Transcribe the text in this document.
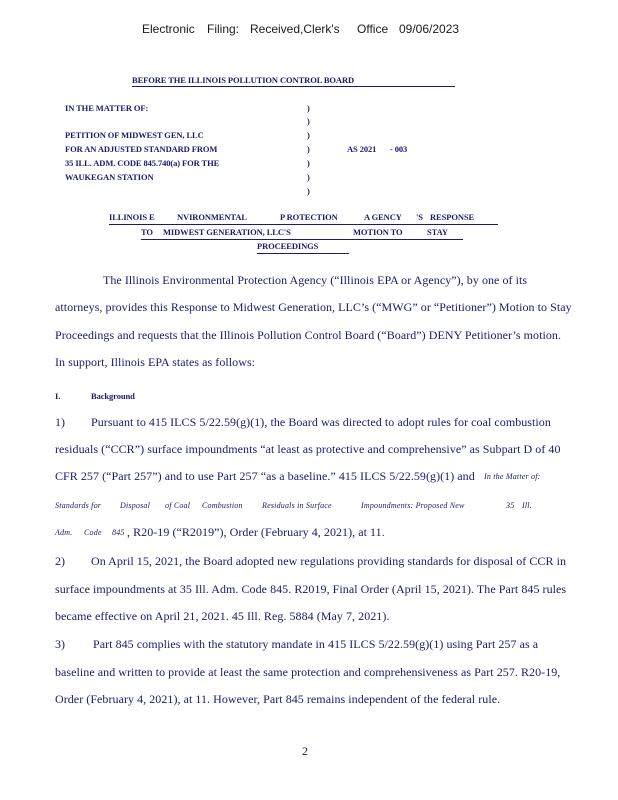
Electronic Filing: Received,Clerk's Office 09/06/2023
BEFORE THE ILLINOIS POLLUTION CONTROL BOARD
IN THE MATTER OF:
PETITION OF MIDWEST GEN, LLC
FOR AN ADJUSTED STANDARD FROM
35 ILL. ADM. CODE 845.740(a) FOR THE
WAUKEGAN STATION
)
)
)
)
)
)
)
AS 2021 - 003
ILLINOIS E	NVIRONMENTAL	P ROTECTION	A GENCY 'S RESPONSE
TO MIDWEST GENERATION, LLC'S	MOTION TO	STAY
PROCEEDINGS
The Illinois Environmental Protection Agency (“Illinois EPA or Agency”), by one of its
attorneys, provides this Response to Midwest Generation, LLC’s (“MWG” or “Petitioner”) Motion to Stay
Proceedings and requests that the Illinois Pollution Control Board (“Board”) DENY Petitioner’s motion.
In support, Illinois EPA states as follows:
I.	Background
1) Pursuant to 415 ILCS 5/22.59(g)(1), the Board was directed to adopt rules for coal combustion
residuals (“CCR”) surface impoundments “at least as protective and comprehensive” as Subpart D of 40
CFR 257 (“Part 257”) and to use Part 257 “as a baseline.” 415 ILCS 5/22.59(g)(1) and In the Matter of:
Standards for Disposal of Coal Combustion Residuals in Surface	Impoundments: Proposed New	35 Ill.
Adm. Code 845 , R20-19 (“R2019”), Order (February 4, 2021), at 11.
2) On April 15, 2021, the Board adopted new regulations providing standards for disposal of CCR in
surface impoundments at 35 Ill. Adm. Code 845. R2019, Final Order (April 15, 2021). The Part 845 rules
became effective on April 21, 2021. 45 Ill. Reg. 5884 (May 7, 2021).
3) Part 845 complies with the statutory mandate in 415 ILCS 5/22.59(g)(1) using Part 257 as a
baseline and written to provide at least the same protection and comprehensiveness as Part 257. R20-19,
Order (February 4, 2021), at 11. However, Part 845 remains independent of the federal rule.
2
